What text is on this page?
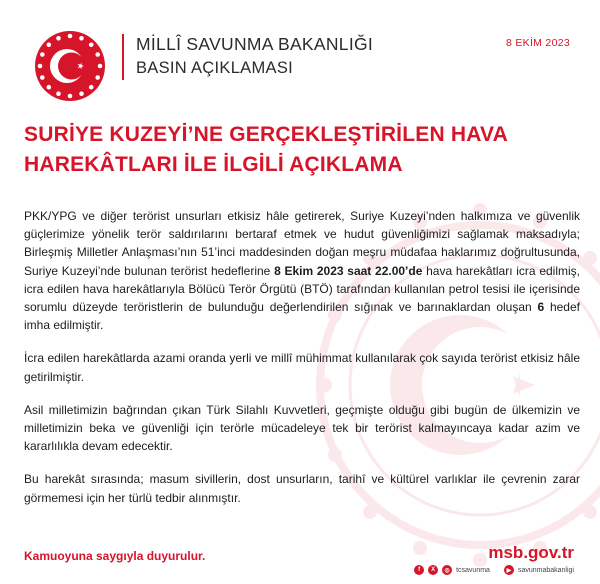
MİLLÎ SAVUNMA BAKANLIĞI
BASIN AÇIKLAMASI
8 EKİM 2023
SURİYE KUZEYİ’NE GERÇEKLEŞTİRİLEN HAVA
HAREKÂTLARI İLE İLGİLİ AÇIKLAMA

PKK/YPG ve diğer terörist unsurları etkisiz hâle getirerek, Suriye Kuzeyi’nden halkımıza ve güvenlik güçlerimize yönelik terör saldırılarını bertaraf etmek ve hudut güvenliğimizi sağlamak maksadıyla; Birleşmiş Milletler Anlaşması’nın 51’inci maddesinden doğan meşru müdafaa haklarımız doğrultusunda, Suriye Kuzeyi’nde bulunan terörist hedeflerine 8 Ekim 2023 saat 22.00’de hava harekâtları icra edilmiş, icra edilen hava harekâtlarıyla Bölücü Terör Örgütü (BTÖ) tarafından kullanılan petrol tesisi ile içerisinde sorumlu düzeyde teröristlerin de bulunduğu değerlendirilen sığınak ve barınaklardan oluşan 6 hedef imha edilmiştir.

İcra edilen harekâtlarda azami oranda yerli ve millî mühimmat kullanılarak çok sayıda terörist etkisiz hâle getirilmiştir.

Asil milletimizin bağrından çıkan Türk Silahlı Kuvvetleri, geçmişte olduğu gibi bugün de ülkemizin ve milletimizin beka ve güvenliği için terörle mücadeleye tek bir terörist kalmayıncaya kadar azim ve kararlılıkla devam edecektir.

Bu harekât sırasında; masum sivillerin, dost unsurların, tarihî ve kültürel varlıklar ile çevrenin zarar görmemesi için her türlü tedbir alınmıştır.

Kamuoyuna saygıyla duyurulur.	msb.gov.tr
f	X	◎ tcsavunma	▶ savunmabakanligi
